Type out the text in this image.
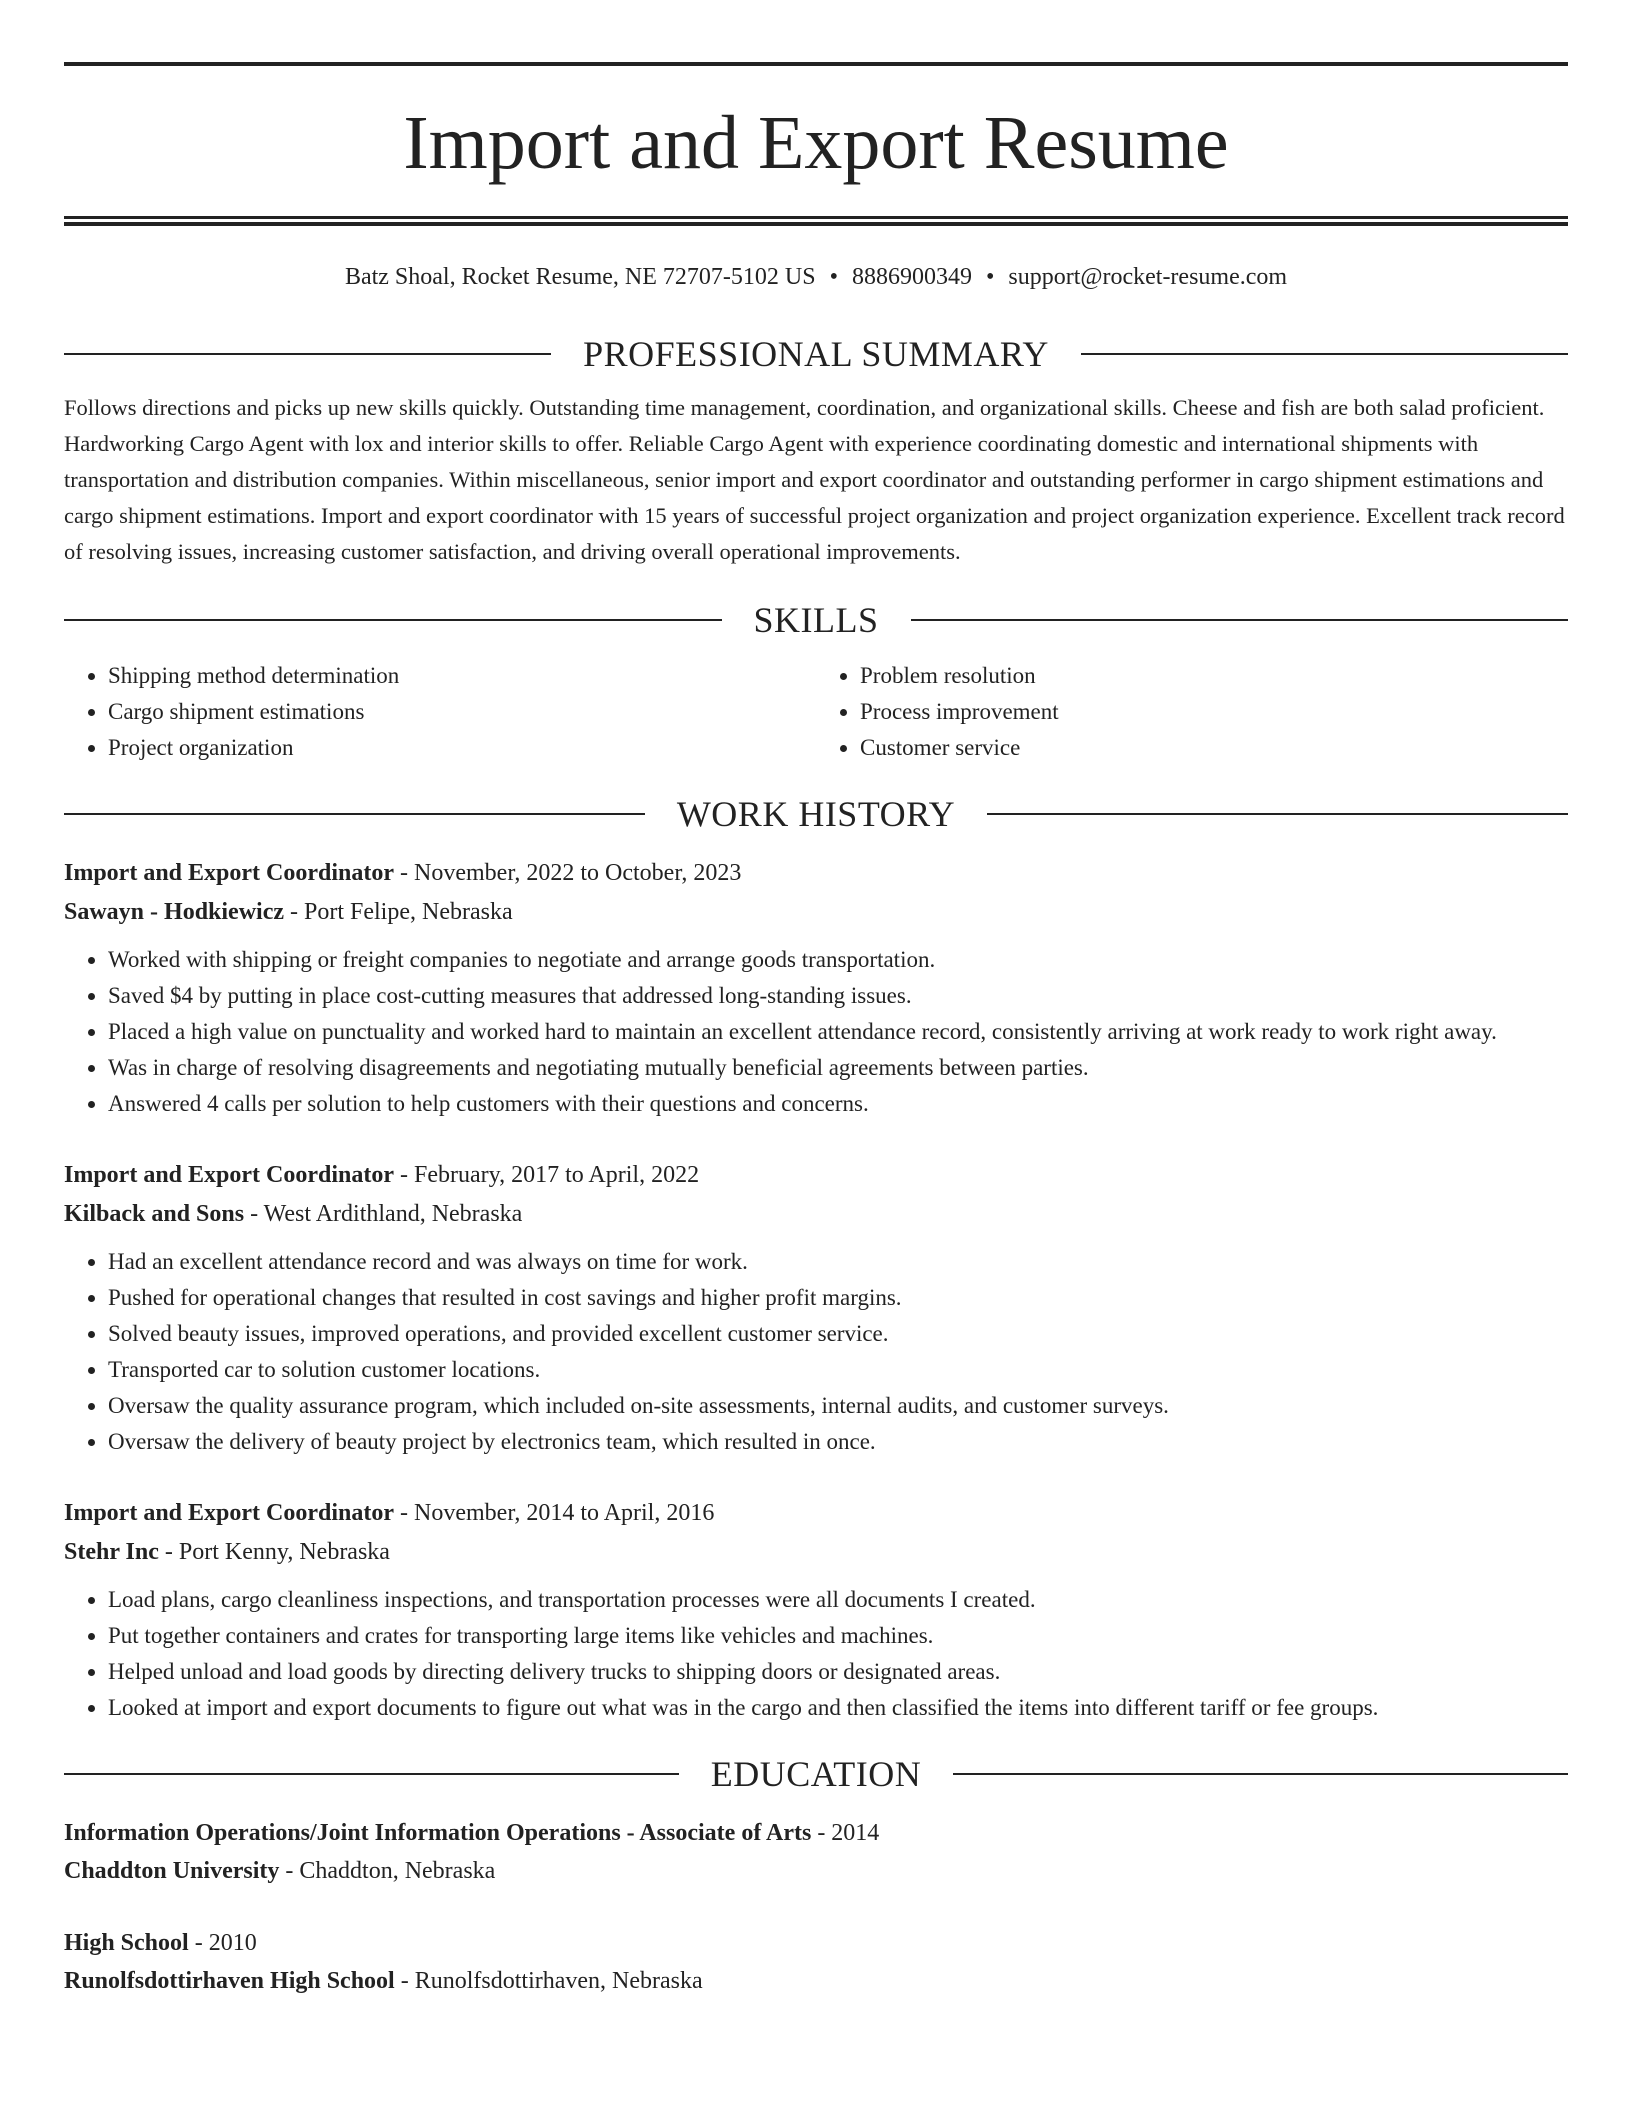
Import and Export Resume
Batz Shoal, Rocket Resume, NE 72707-5102 US • 8886900349 • support@rocket-resume.com
PROFESSIONAL SUMMARY

Follows directions and picks up new skills quickly. Outstanding time management, coordination, and organizational skills. Cheese and fish are both salad proficient. Hardworking Cargo Agent with lox and interior skills to offer. Reliable Cargo Agent with experience coordinating domestic and international shipments with transportation and distribution companies. Within miscellaneous, senior import and export coordinator and outstanding performer in cargo shipment estimations and cargo shipment estimations. Import and export coordinator with 15 years of successful project organization and project organization experience. Excellent track record of resolving issues, increasing customer satisfaction, and driving overall operational improvements.

SKILLS
• Shipping method determination
• Cargo shipment estimations
• Project organization
• Problem resolution
• Process improvement
• Customer service
WORK HISTORY
Import and Export Coordinator - November, 2022 to October, 2023
Sawayn - Hodkiewicz - Port Felipe, Nebraska
• Worked with shipping or freight companies to negotiate and arrange goods transportation.
• Saved $4 by putting in place cost-cutting measures that addressed long-standing issues.
• Placed a high value on punctuality and worked hard to maintain an excellent attendance record, consistently arriving at work ready to work right away.
• Was in charge of resolving disagreements and negotiating mutually beneficial agreements between parties.
• Answered 4 calls per solution to help customers with their questions and concerns.
Import and Export Coordinator - February, 2017 to April, 2022
Kilback and Sons - West Ardithland, Nebraska
• Had an excellent attendance record and was always on time for work.
• Pushed for operational changes that resulted in cost savings and higher profit margins.
• Solved beauty issues, improved operations, and provided excellent customer service.
• Transported car to solution customer locations.
• Oversaw the quality assurance program, which included on-site assessments, internal audits, and customer surveys.
• Oversaw the delivery of beauty project by electronics team, which resulted in once.
Import and Export Coordinator - November, 2014 to April, 2016
Stehr Inc - Port Kenny, Nebraska
• Load plans, cargo cleanliness inspections, and transportation processes were all documents I created.
• Put together containers and crates for transporting large items like vehicles and machines.
• Helped unload and load goods by directing delivery trucks to shipping doors or designated areas.
• Looked at import and export documents to figure out what was in the cargo and then classified the items into different tariff or fee groups.
EDUCATION
Information Operations/Joint Information Operations - Associate of Arts - 2014
Chaddton University - Chaddton, Nebraska
High School - 2010
Runolfsdottirhaven High School - Runolfsdottirhaven, Nebraska
